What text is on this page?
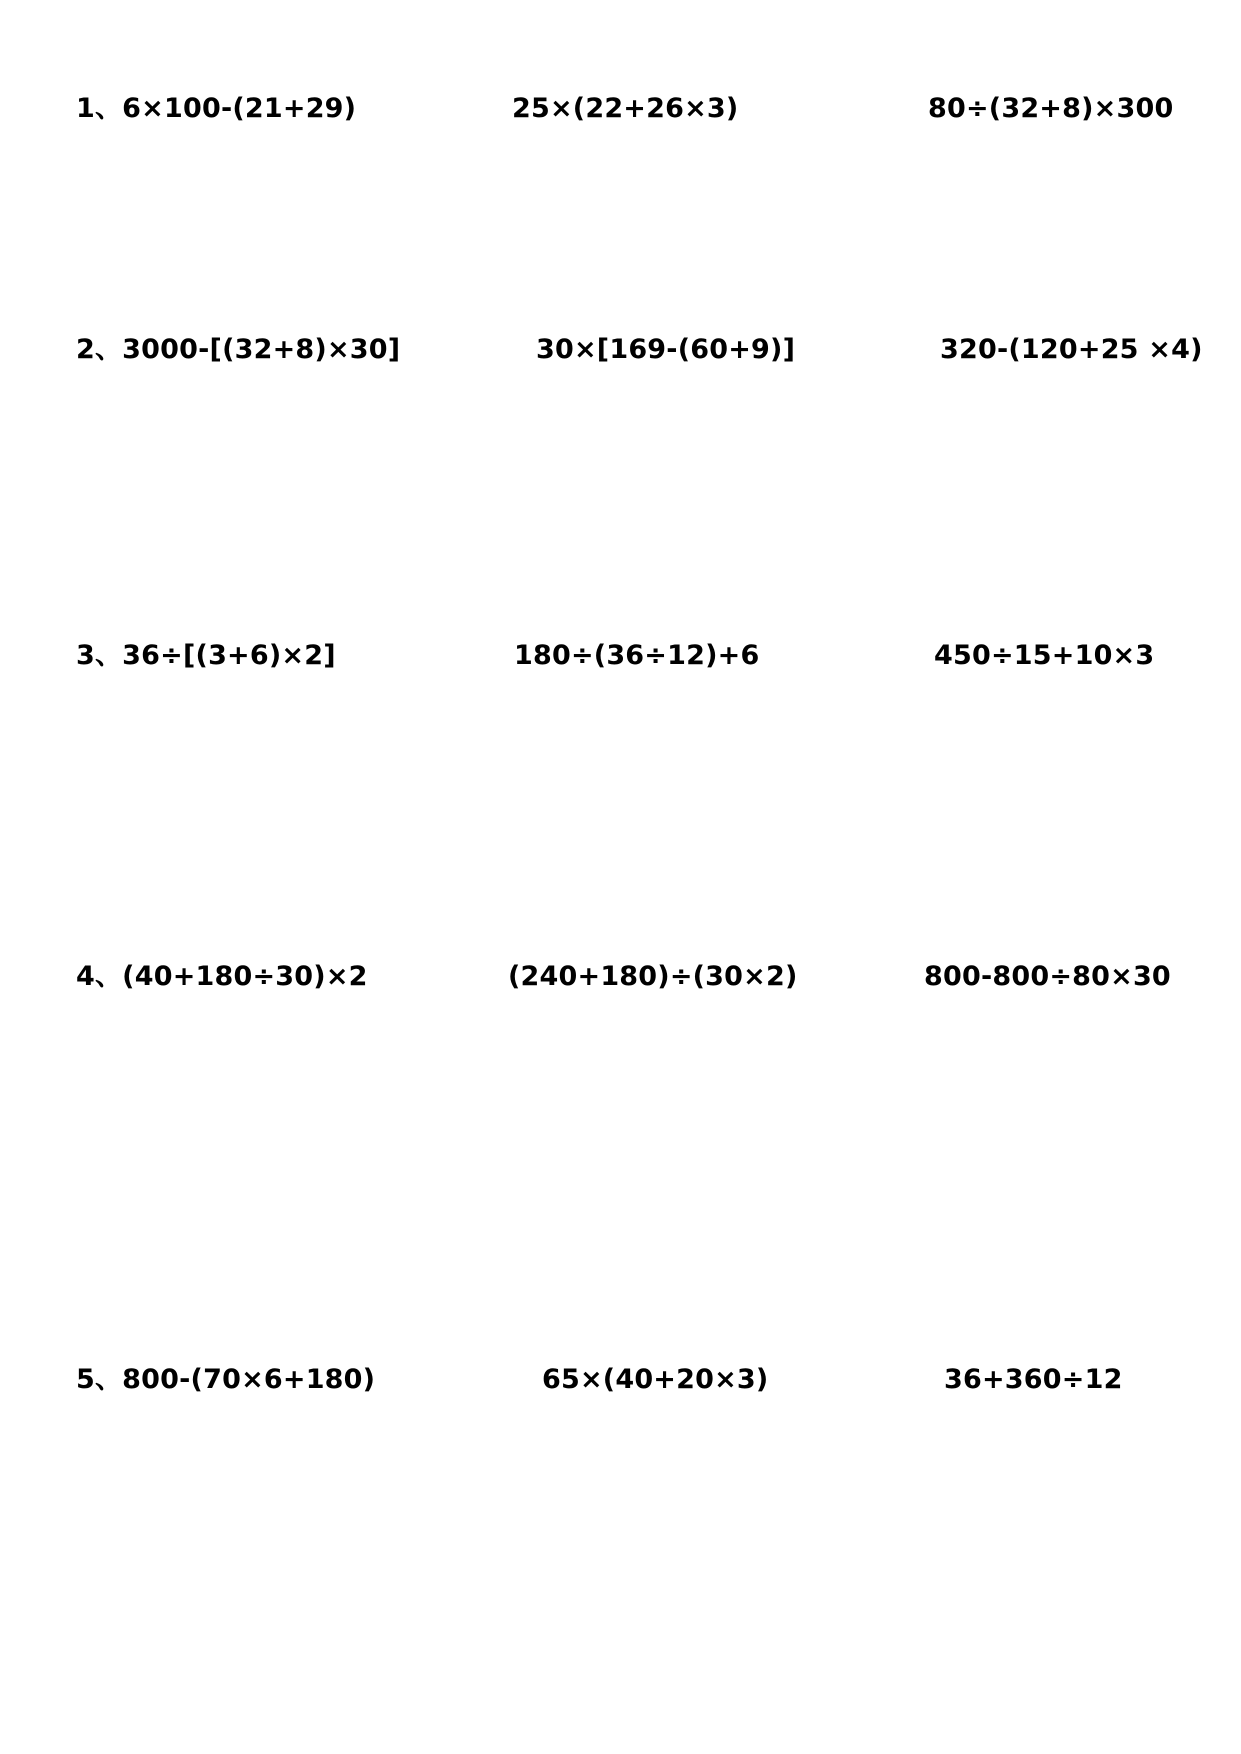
1、6×100-(21+29)	25×(22+26×3)	80÷(32+8)×300
2、3000-[(32+8)×30]	30×[169-(60+9)]	320-(120+25 ×4)
3、36÷[(3+6)×2]	180÷(36÷12)+6	450÷15+10×3
4、(40+180÷30)×2	(240+180)÷(30×2)	800-800÷80×30
5、800-(70×6+180)	65×(40+20×3)	36+360÷12
